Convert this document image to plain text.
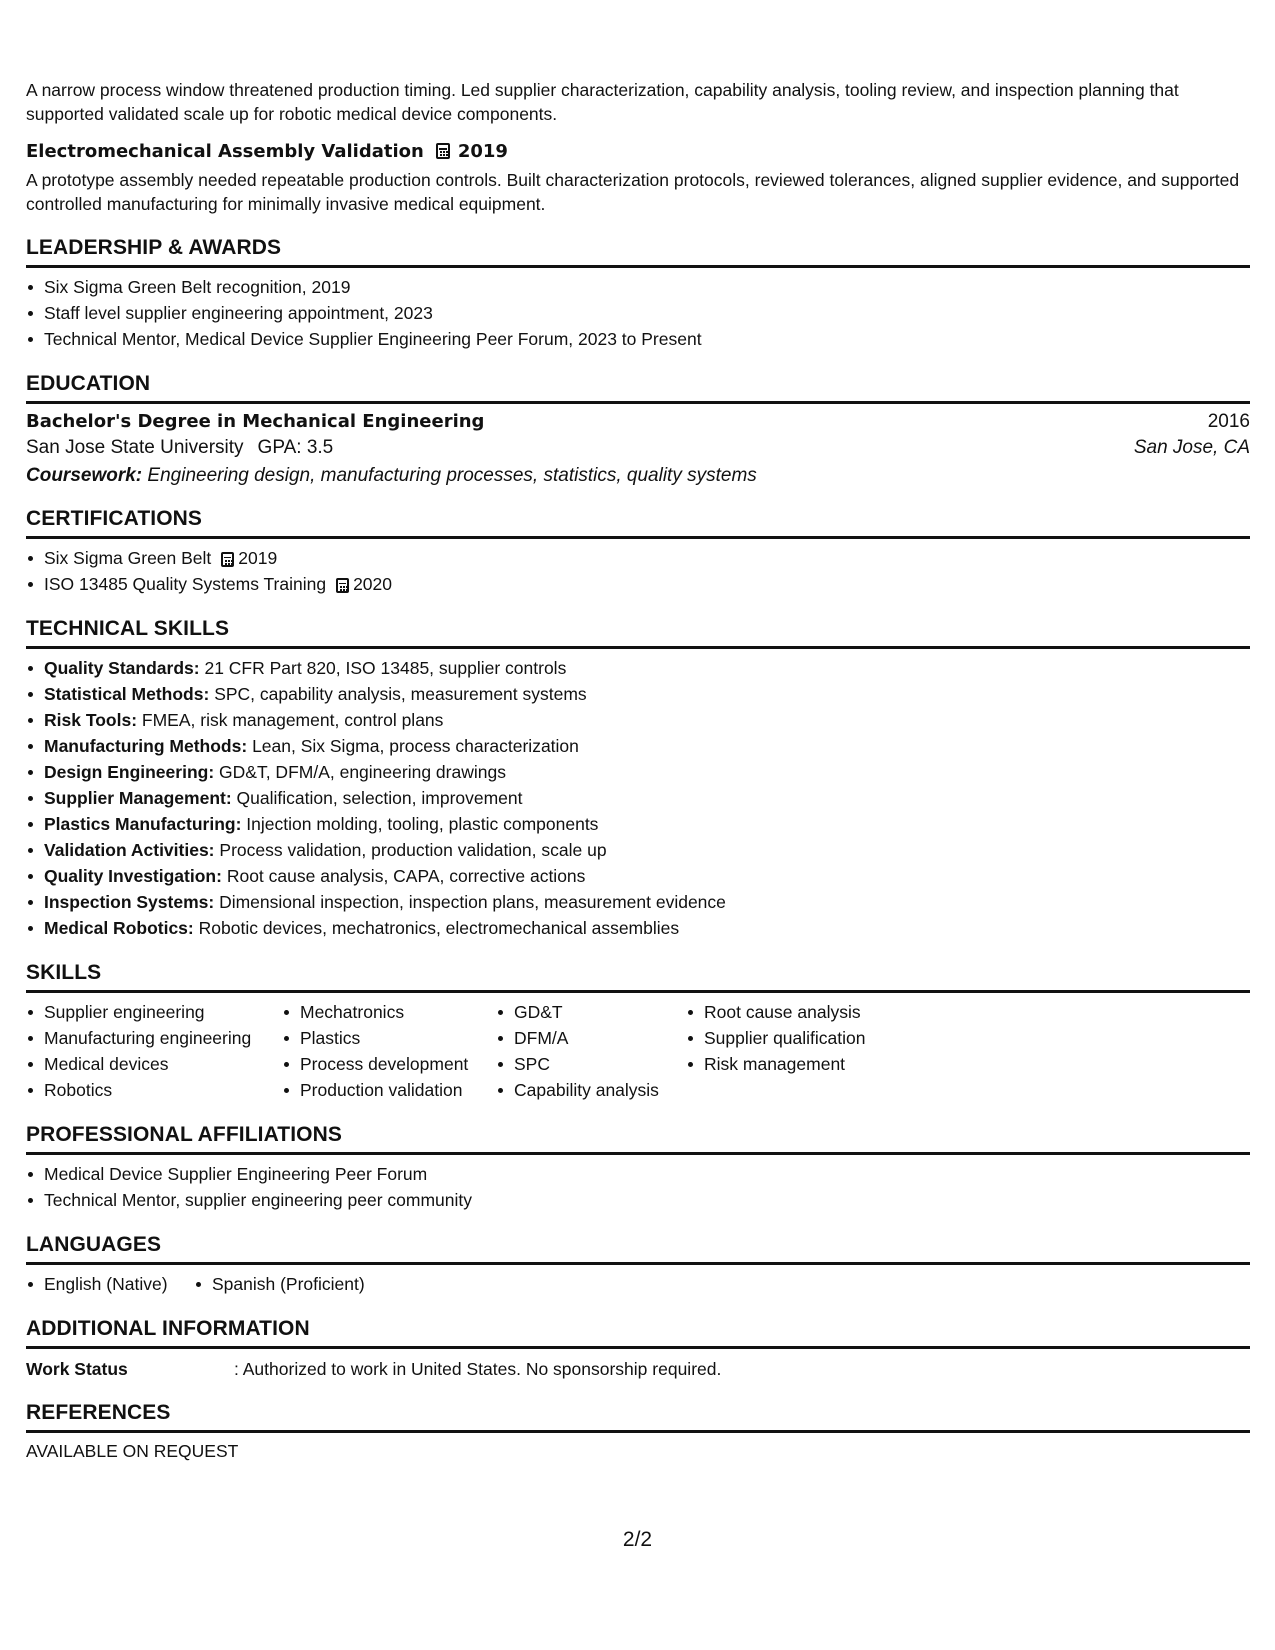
A narrow process window threatened production timing. Led supplier characterization, capability analysis, tooling review, and inspection planning that supported validated scale up for robotic medical device components.

Electromechanical Assembly Validation 2019

A prototype assembly needed repeatable production controls. Built characterization protocols, reviewed tolerances, aligned supplier evidence, and supported controlled manufacturing for minimally invasive medical equipment.

LEADERSHIP & AWARDS
Six Sigma Green Belt recognition, 2019
Staff level supplier engineering appointment, 2023
Technical Mentor, Medical Device Supplier Engineering Peer Forum, 2023 to Present
EDUCATION
Bachelor's Degree in Mechanical Engineering	2016
San Jose State University GPA: 3.5	San Jose, CA
Coursework: Engineering design, manufacturing processes, statistics, quality systems
CERTIFICATIONS
Six Sigma Green Belt 2019
ISO 13485 Quality Systems Training 2020
TECHNICAL SKILLS
Quality Standards: 21 CFR Part 820, ISO 13485, supplier controls
Statistical Methods: SPC, capability analysis, measurement systems
Risk Tools: FMEA, risk management, control plans
Manufacturing Methods: Lean, Six Sigma, process characterization
Design Engineering: GD&T, DFM/A, engineering drawings
Supplier Management: Qualification, selection, improvement
Plastics Manufacturing: Injection molding, tooling, plastic components
Validation Activities: Process validation, production validation, scale up
Quality Investigation: Root cause analysis, CAPA, corrective actions
Inspection Systems: Dimensional inspection, inspection plans, measurement evidence
Medical Robotics: Robotic devices, mechatronics, electromechanical assemblies
SKILLS
Supplier engineering
Manufacturing engineering
Medical devices
Robotics
Mechatronics
Plastics
Process development
Production validation
GD&T
DFM/A
SPC
Capability analysis
Root cause analysis
Supplier qualification
Risk management
PROFESSIONAL AFFILIATIONS
Medical Device Supplier Engineering Peer Forum
Technical Mentor, supplier engineering peer community
LANGUAGES
English (Native)	Spanish (Proficient)
ADDITIONAL INFORMATION
Work Status	: Authorized to work in United States. No sponsorship required.
REFERENCES
AVAILABLE ON REQUEST
2/2
